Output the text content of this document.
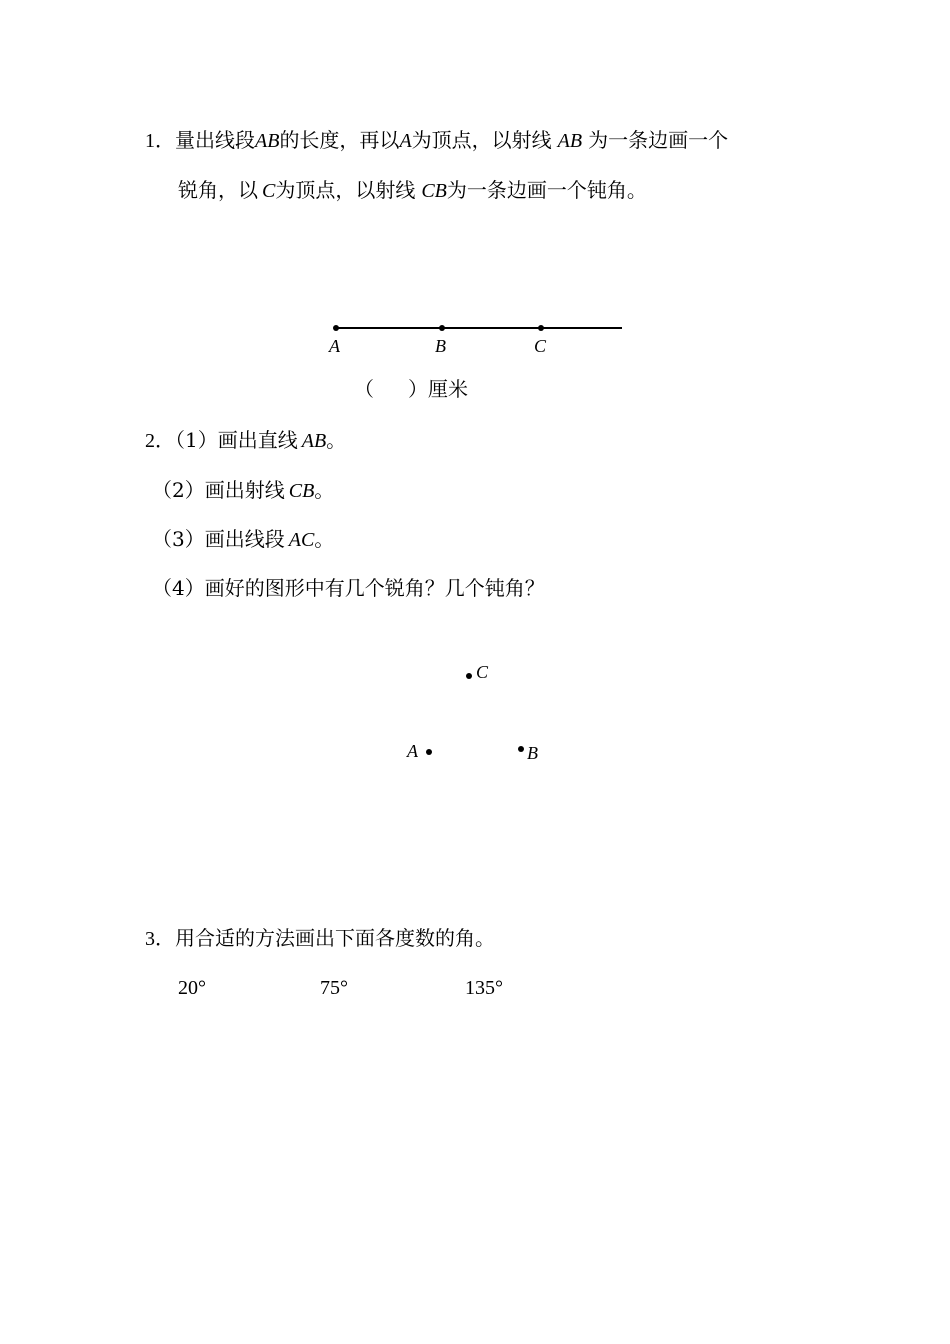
1．量出线段AB的长度，再以A为顶点，以射线 AB 为一条边画一个
锐角，以 C为顶点，以射线 CB为一条边画一个钝角。
A	B	C
C
A	B
（ ）厘米
2．（1）画出直线 AB。
（2）画出射线 CB。
（3）画出线段 AC。
（4）画好的图形中有几个锐角？几个钝角？
3．用合适的方法画出下面各度数的角。
20°	75°	135°
